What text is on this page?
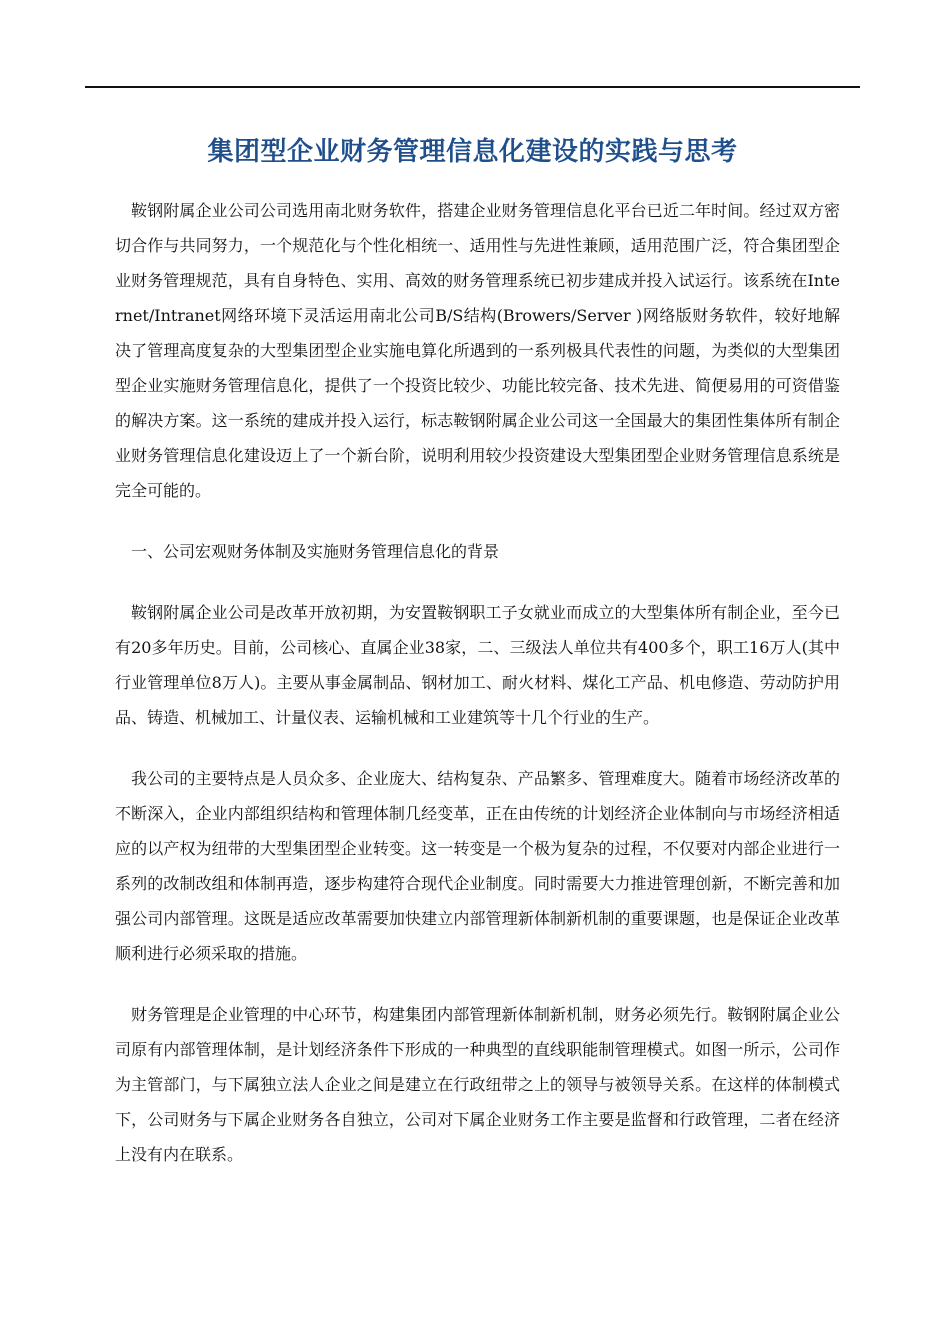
集团型企业财务管理信息化建设的实践与思考

鞍钢附属企业公司公司选用南北财务软件，搭建企业财务管理信息化平台已近二年时间。经过双方密切合作与共同努力，一个规范化与个性化相统一、适用性与先进性兼顾，适用范围广泛，符合集团型企业财务管理规范，具有自身特色、实用、高效的财务管理系统已初步建成并投入试运行。该系统在Internet/Intranet网络环境下灵活运用南北公司B/S结构(Browers/Server )网络版财务软件，较好地解决了管理高度复杂的大型集团型企业实施电算化所遇到的一系列极具代表性的问题，为类似的大型集团型企业实施财务管理信息化，提供了一个投资比较少、功能比较完备、技术先进、简便易用的可资借鉴的解决方案。这一系统的建成并投入运行，标志鞍钢附属企业公司这一全国最大的集团性集体所有制企业财务管理信息化建设迈上了一个新台阶，说明利用较少投资建设大型集团型企业财务管理信息系统是完全可能的。

一、公司宏观财务体制及实施财务管理信息化的背景

鞍钢附属企业公司是改革开放初期，为安置鞍钢职工子女就业而成立的大型集体所有制企业，至今已有20多年历史。目前，公司核心、直属企业38家，二、三级法人单位共有400多个，职工16万人(其中行业管理单位8万人)。主要从事金属制品、钢材加工、耐火材料、煤化工产品、机电修造、劳动防护用品、铸造、机械加工、计量仪表、运输机械和工业建筑等十几个行业的生产。

我公司的主要特点是人员众多、企业庞大、结构复杂、产品繁多、管理难度大。随着市场经济改革的不断深入，企业内部组织结构和管理体制几经变革，正在由传统的计划经济企业体制向与市场经济相适应的以产权为纽带的大型集团型企业转变。这一转变是一个极为复杂的过程，不仅要对内部企业进行一系列的改制改组和体制再造，逐步构建符合现代企业制度。同时需要大力推进管理创新，不断完善和加强公司内部管理。这既是适应改革需要加快建立内部管理新体制新机制的重要课题，也是保证企业改革顺利进行必须采取的措施。

财务管理是企业管理的中心环节，构建集团内部管理新体制新机制，财务必须先行。鞍钢附属企业公司原有内部管理体制，是计划经济条件下形成的一种典型的直线职能制管理模式。如图一所示，公司作为主管部门，与下属独立法人企业之间是建立在行政纽带之上的领导与被领导关系。在这样的体制模式下，公司财务与下属企业财务各自独立，公司对下属企业财务工作主要是监督和行政管理，二者在经济上没有内在联系。
